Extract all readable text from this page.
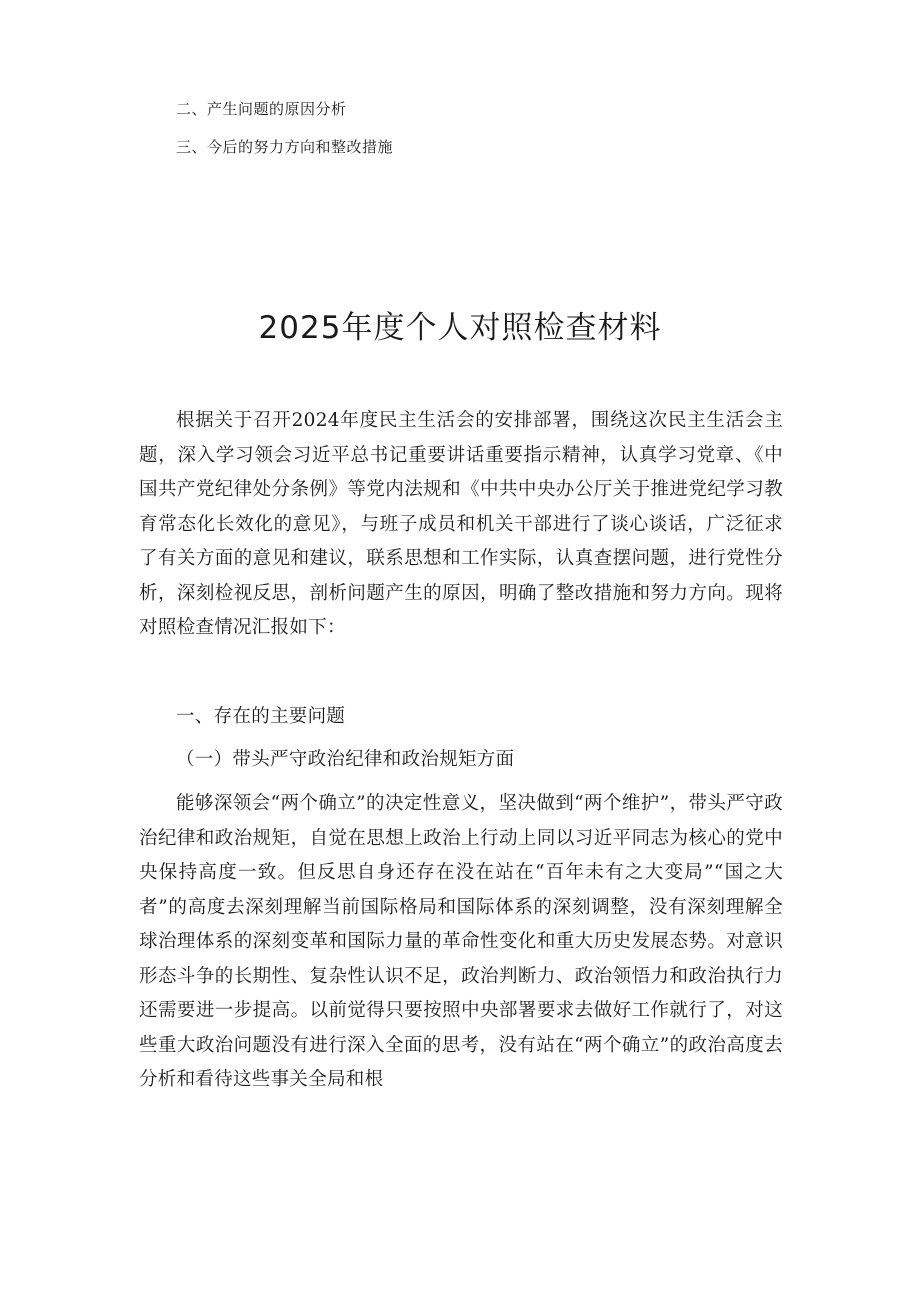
二、产生问题的原因分析
三、今后的努力方向和整改措施
2025年度个人对照检查材料

根据关于召开2024年度民主生活会的安排部署，围绕这次民主生活会主题，深入学习领会习近平总书记重要讲话重要指示精神，认真学习党章、《中国共产党纪律处分条例》等党内法规和《中共中央办公厅关于推进党纪学习教育常态化长效化的意见》，与班子成员和机关干部进行了谈心谈话，广泛征求了有关方面的意见和建议，联系思想和工作实际，认真查摆问题，进行党性分析，深刻检视反思，剖析问题产生的原因，明确了整改措施和努力方向。现将对照检查情况汇报如下：

一、存在的主要问题

（一）带头严守政治纪律和政治规矩方面

能够深领会“两个确立”的决定性意义，坚决做到“两个维护”，带头严守政治纪律和政治规矩，自觉在思想上政治上行动上同以习近平同志为核心的党中央保持高度一致。但反思自身还存在没在站在“百年未有之大变局”“国之大者”的高度去深刻理解当前国际格局和国际体系的深刻调整，没有深刻理解全球治理体系的深刻变革和国际力量的革命性变化和重大历史发展态势。对意识形态斗争的长期性、复杂性认识不足，政治判断力、政治领悟力和政治执行力还需要进一步提高。以前觉得只要按照中央部署要求去做好工作就行了，对这些重大政治问题没有进行深入全面的思考，没有站在“两个确立”的政治高度去分析和看待这些事关全局和根
